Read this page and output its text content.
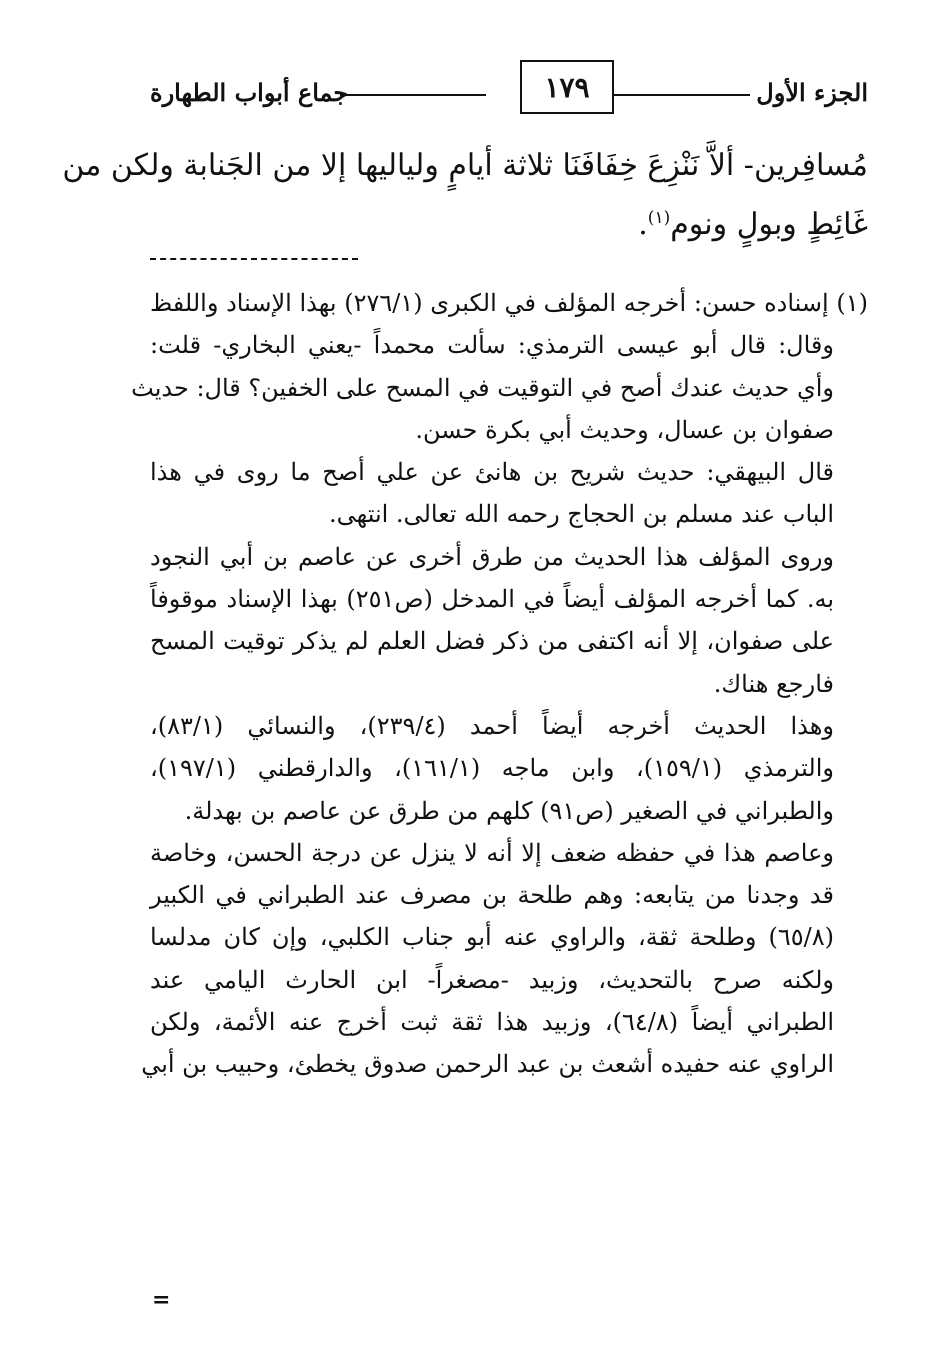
الجزء الأول
١٧٩
جماع أبواب الطهارة
مُسافِرين- ألاَّ نَنْزِعَ خِفَافَنَا ثلاثة أيامٍ ولياليها إلا من الجَنابة ولكن من
غَائِطٍ وبولٍ ونوم$^{(١)}$.
(١) إسناده حسن: أخرجه المؤلف في الكبرى (٢٧٦/١) بهذا الإسناد واللفظ
وقال: قال أبو عيسى الترمذي: سألت محمداً -يعني البخاري- قلت:
وأي حديث عندك أصح في التوقيت في المسح على الخفين؟ قال: حديث
صفوان بن عسال، وحديث أبي بكرة حسن.
قال البيهقي: حديث شريح بن هانئ عن علي أصح ما روى في هذا
الباب عند مسلم بن الحجاج رحمه الله تعالى. انتهى.
وروى المؤلف هذا الحديث من طرق أخرى عن عاصم بن أبي النجود
به. كما أخرجه المؤلف أيضاً في المدخل (ص٢٥١) بهذا الإسناد موقوفاً
على صفوان، إلا أنه اكتفى من ذكر فضل العلم لم يذكر توقيت المسح
فارجع هناك.
وهذا الحديث أخرجه أيضاً أحمد (٢٣٩/٤)، والنسائي (٨٣/١)،
والترمذي (١٥٩/١)، وابن ماجه (١٦١/١)، والدارقطني (١٩٧/١)،
والطبراني في الصغير (ص٩١) كلهم من طرق عن عاصم بن بهدلة.
وعاصم هذا في حفظه ضعف إلا أنه لا ينزل عن درجة الحسن، وخاصة
قد وجدنا من يتابعه: وهم طلحة بن مصرف عند الطبراني في الكبير
(٦٥/٨) وطلحة ثقة، والراوي عنه أبو جناب الكلبي، وإن كان مدلسا
ولكنه صرح بالتحديث، وزبيد -مصغراً- ابن الحارث اليامي عند
الطبراني أيضاً (٦٤/٨)، وزبيد هذا ثقة ثبت أخرج عنه الأئمة، ولكن
الراوي عنه حفيده أشعث بن عبد الرحمن صدوق يخطئ، وحبيب بن أبي
=
